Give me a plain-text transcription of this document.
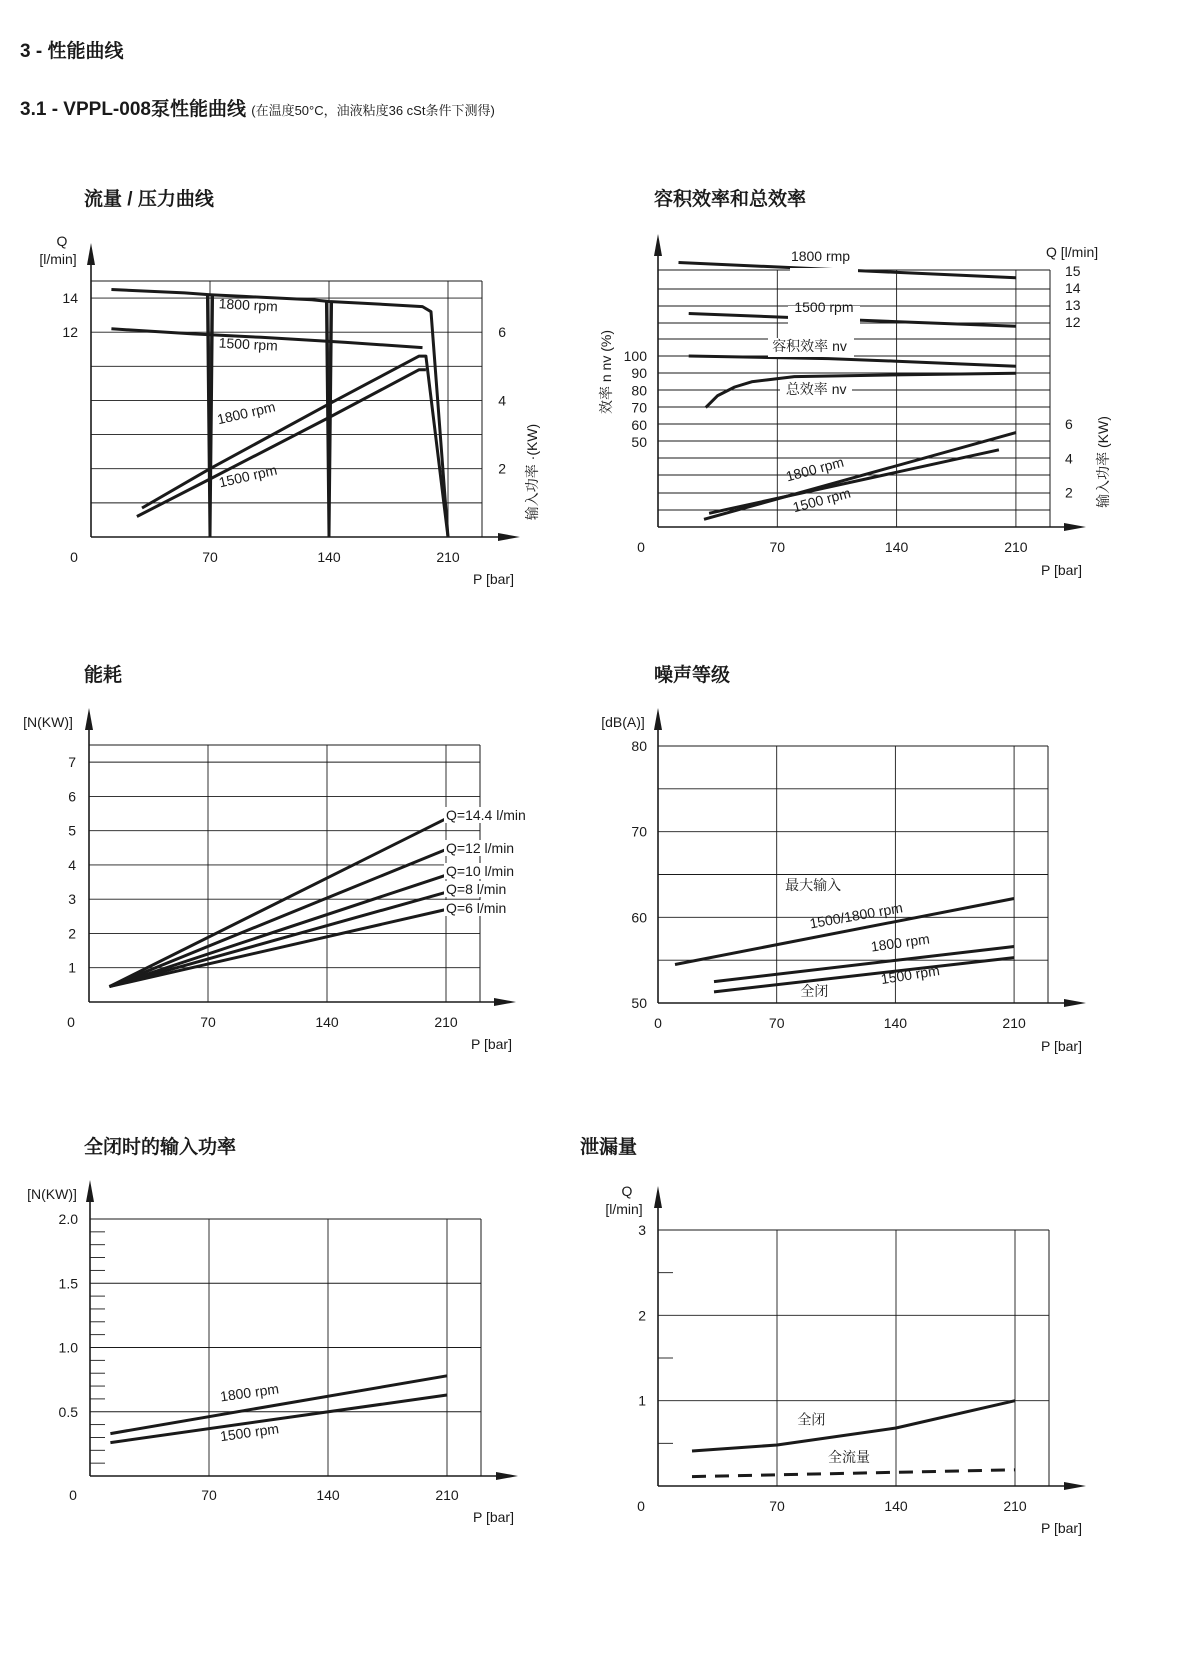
3 - 性能曲线
3.1 - VPPL-008泵性能曲线 (在温度50°C，油液粘度36 cSt条件下测得)
流量 / 压力曲线	容积效率和总效率
能耗	噪声等级
全闭时的输入功率	泄漏量
Q
[l/min]
12
14
2
4
6
输入功率 ·(KW)
0	70	140	210
P [bar]
1800 rpm
1500 rpm
1800 rpm
1500 rpm
50
60
70
80
90
100
12
13
14
15
2
4
6
Q [l/min]
效率 n nv (%)
输入功率 (KW)
0	70	140	210
P [bar]
1800 rmp
1500 rpm
容积效率 nv
总效率 nv
1800 rpm
1500 rpm
[N(KW)]
1
2
3
4
5
6
7
0	70	140	210
P [bar]
Q=14.4 l/min
Q=12 l/min
Q=10 l/min
Q=8 l/min
Q=6 l/min
[dB(A)]
50
60
70
80
0	70	140	210
P [bar]
最大输入
1500/1800 rpm
1800 rpm
1500 rpm
全闭
[N(KW)]
0.5
1.0
1.5
2.0
0	70	140	210
P [bar]
1800 rpm
1500 rpm
Q
[l/min]
1
2
3
0	70	140	210
P [bar]
全闭
全流量
